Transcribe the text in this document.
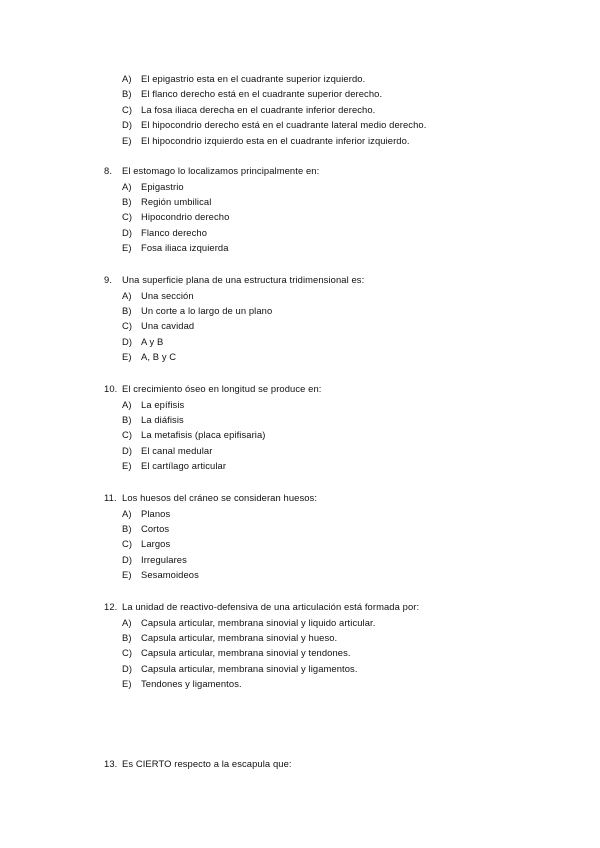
A)	El epigastrio esta en el cuadrante superior izquierdo.
B)	El flanco derecho está en el cuadrante superior derecho.
C) La fosa iliaca derecha en el cuadrante inferior derecho.
D) El hipocondrio derecho está en el cuadrante lateral medio derecho.
E)	El hipocondrio izquierdo esta en el cuadrante inferior izquierdo.
8.	El estomago lo localizamos principalmente en:
A)	Epigastrio
B)	Región umbilical
C) Hipocondrio derecho
D) Flanco derecho
E)	Fosa iliaca izquierda
9.	Una superficie plana de una estructura tridimensional es:
A)	Una sección
B)	Un corte a lo largo de un plano
C) Una cavidad
D) A y B
E)	A, B y C
10. El crecimiento óseo en longitud se produce en:
A)	La epífisis
B)	La diáfisis
C) La metafisis (placa epifisaria)
D) El canal medular
E)	El cartílago articular
11. Los huesos del cráneo se consideran huesos:
A)	Planos
B)	Cortos
C) Largos
D) Irregulares
E)	Sesamoideos
12. La unidad de reactivo-defensiva de una articulación está formada por:
A)	Capsula articular, membrana sinovial y liquido articular.
B)	Capsula articular, membrana sinovial y hueso.
C) Capsula articular, membrana sinovial y tendones.
D) Capsula articular, membrana sinovial y ligamentos.
E)	Tendones y ligamentos.
13. Es CIERTO respecto a la escapula que:
